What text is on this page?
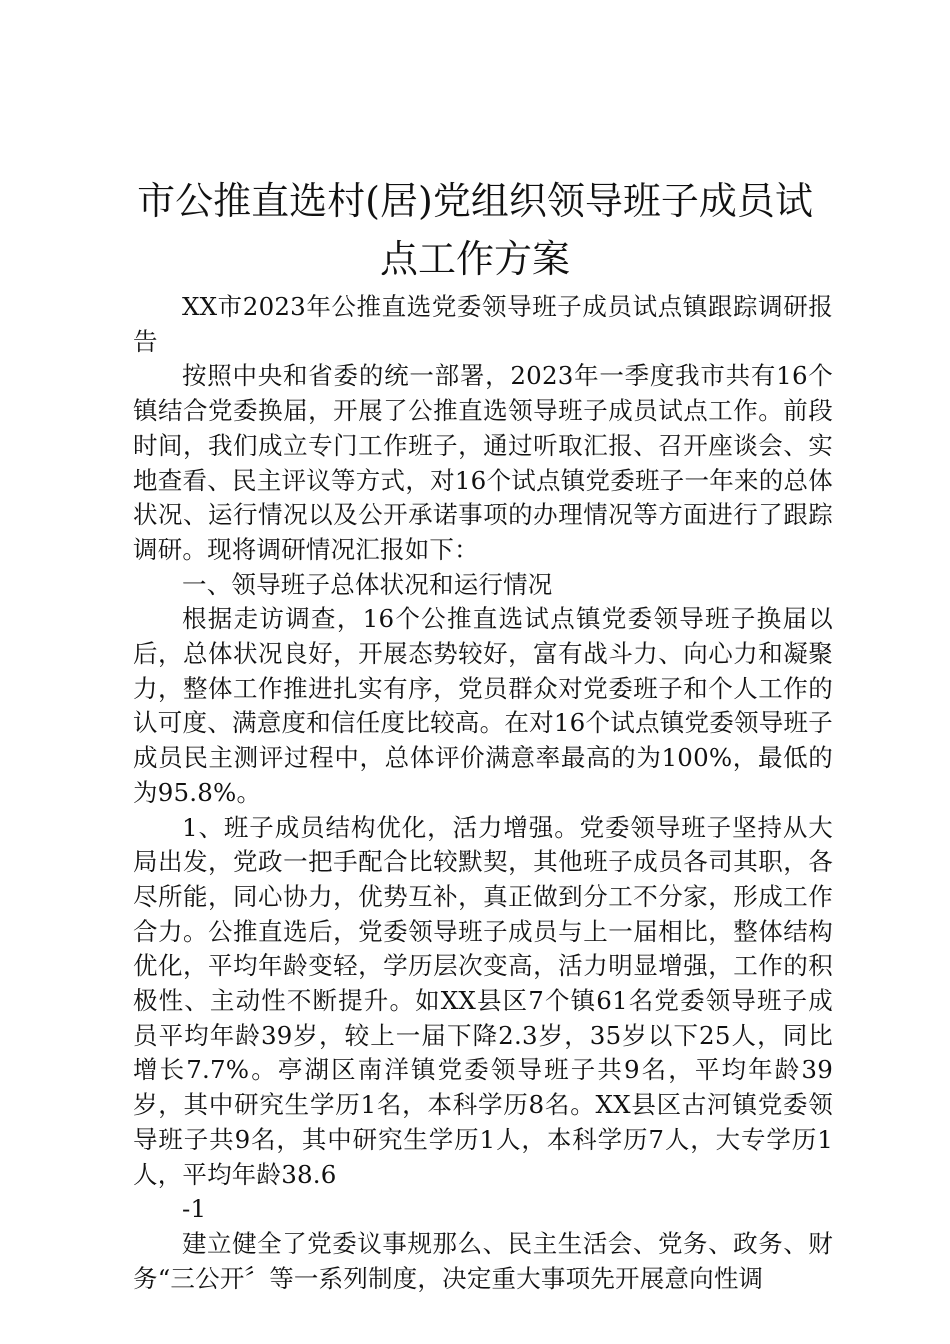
市公推直选村(居)党组织领导班子成员试点工作方案

XX市2023年公推直选党委领导班子成员试点镇跟踪调研报告

按照中央和省委的统一部署，2023年一季度我市共有16个镇结合党委换届，开展了公推直选领导班子成员试点工作。前段时间，我们成立专门工作班子，通过听取汇报、召开座谈会、实地查看、民主评议等方式，对16个试点镇党委班子一年来的总体状况、运行情况以及公开承诺事项的办理情况等方面进行了跟踪调研。现将调研情况汇报如下：

一、领导班子总体状况和运行情况

根据走访调查，16个公推直选试点镇党委领导班子换届以后，总体状况良好，开展态势较好，富有战斗力、向心力和凝聚力，整体工作推进扎实有序，党员群众对党委班子和个人工作的认可度、满意度和信任度比较高。在对16个试点镇党委领导班子成员民主测评过程中，总体评价满意率最高的为100%，最低的为95.8%。

1、班子成员结构优化，活力增强。党委领导班子坚持从大局出发，党政一把手配合比较默契，其他班子成员各司其职，各尽所能，同心协力，优势互补，真正做到分工不分家，形成工作合力。公推直选后，党委领导班子成员与上一届相比，整体结构优化，平均年龄变轻，学历层次变高，活力明显增强，工作的积极性、主动性不断提升。如XX县区7个镇61名党委领导班子成员平均年龄39岁，较上一届下降2.3岁，35岁以下25人，同比增长7.7%。亭湖区南洋镇党委领导班子共9名，平均年龄39岁，其中研究生学历1名，本科学历8名。XX县区古河镇党委领导班子共9名，其中研究生学历1人，本科学历7人，大专学历1人，平均年龄38.6

-1

建立健全了党委议事规那么、民主生活会、党务、政务、财务“三公开〞等一系列制度，决定重大事项先开展意向性调
